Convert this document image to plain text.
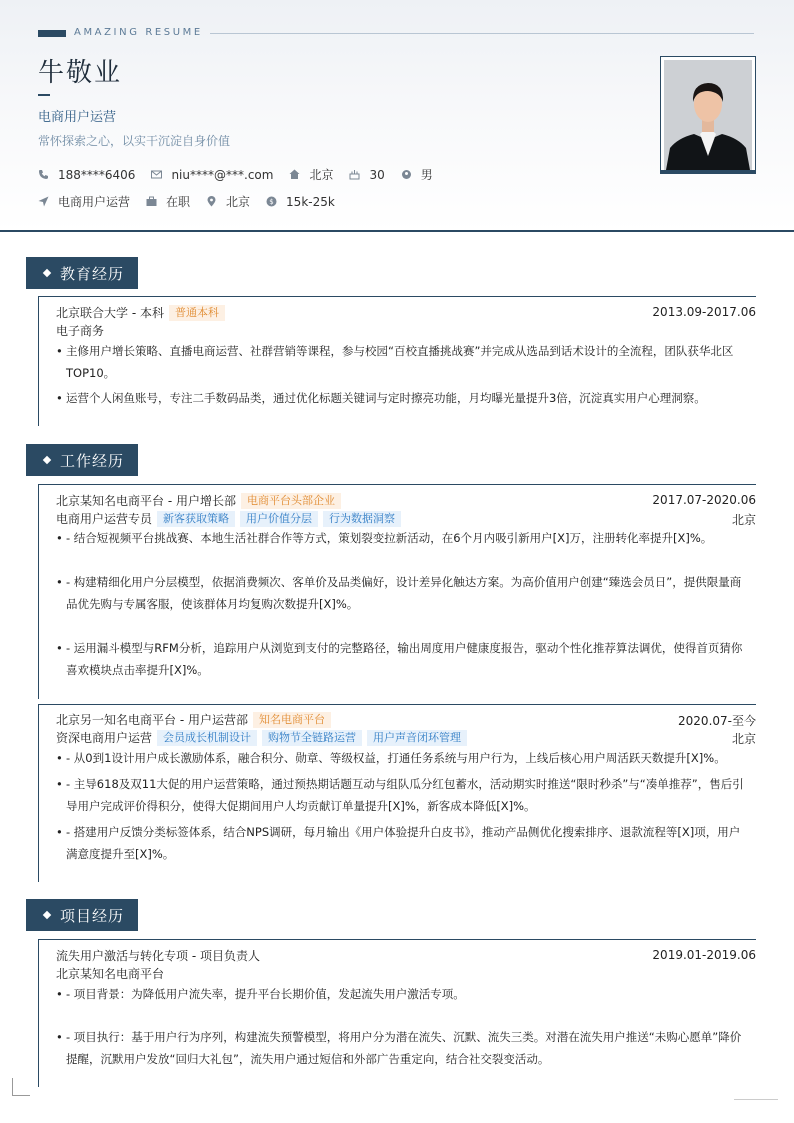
AMAZING RESUME
牛敬业
电商用户运营
常怀探索之心，以实干沉淀自身价值
188****6406	niu****@***.com	北京	30	男
电商用户运营	在职	北京	$ 15k-25k
教育经历
北京联合大学 - 本科	普通本科	2013.09-2017.06
电子商务
• 主修用户增长策略、直播电商运营、社群营销等课程，参与校园“百校直播挑战赛”并完成从选品到话术设计的全流程，团队获华北区TOP10。
• 运营个人闲鱼账号，专注二手数码品类，通过优化标题关键词与定时擦亮功能，月均曝光量提升3倍，沉淀真实用户心理洞察。
工作经历
北京某知名电商平台 - 用户增长部	电商平台头部企业	2017.07-2020.06
电商用户运营专员	新客获取策略	用户价值分层	行为数据洞察	北京
• - 结合短视频平台挑战赛、本地生活社群合作等方式，策划裂变拉新活动，在6个月内吸引新用户[X]万，注册转化率提升[X]%。
• - 构建精细化用户分层模型，依据消费频次、客单价及品类偏好，设计差异化触达方案。为高价值用户创建“臻选会员日”，提供限量商品优先购与专属客服，使该群体月均复购次数提升[X]%。
• - 运用漏斗模型与RFM分析，追踪用户从浏览到支付的完整路径，输出周度用户健康度报告，驱动个性化推荐算法调优，使得首页猜你喜欢模块点击率提升[X]%。
北京另一知名电商平台 - 用户运营部	知名电商平台	2020.07-至今
资深电商用户运营	会员成长机制设计	购物节全链路运营	用户声音闭环管理	北京
• - 从0到1设计用户成长激励体系，融合积分、勋章、等级权益，打通任务系统与用户行为，上线后核心用户周活跃天数提升[X]%。
• - 主导618及双11大促的用户运营策略，通过预热期话题互动与组队瓜分红包蓄水，活动期实时推送“限时秒杀”与“凑单推荐”，售后引导用户完成评价得积分，使得大促期间用户人均贡献订单量提升[X]%，新客成本降低[X]%。
• - 搭建用户反馈分类标签体系，结合NPS调研，每月输出《用户体验提升白皮书》，推动产品侧优化搜索排序、退款流程等[X]项，用户满意度提升至[X]%。
项目经历
流失用户激活与转化专项 - 项目负责人	2019.01-2019.06
北京某知名电商平台
• - 项目背景：为降低用户流失率，提升平台长期价值，发起流失用户激活专项。
• - 项目执行：基于用户行为序列，构建流失预警模型，将用户分为潜在流失、沉默、流失三类。对潜在流失用户推送“未购心愿单”降价提醒，沉默用户发放“回归大礼包”，流失用户通过短信和外部广告重定向，结合社交裂变活动。
